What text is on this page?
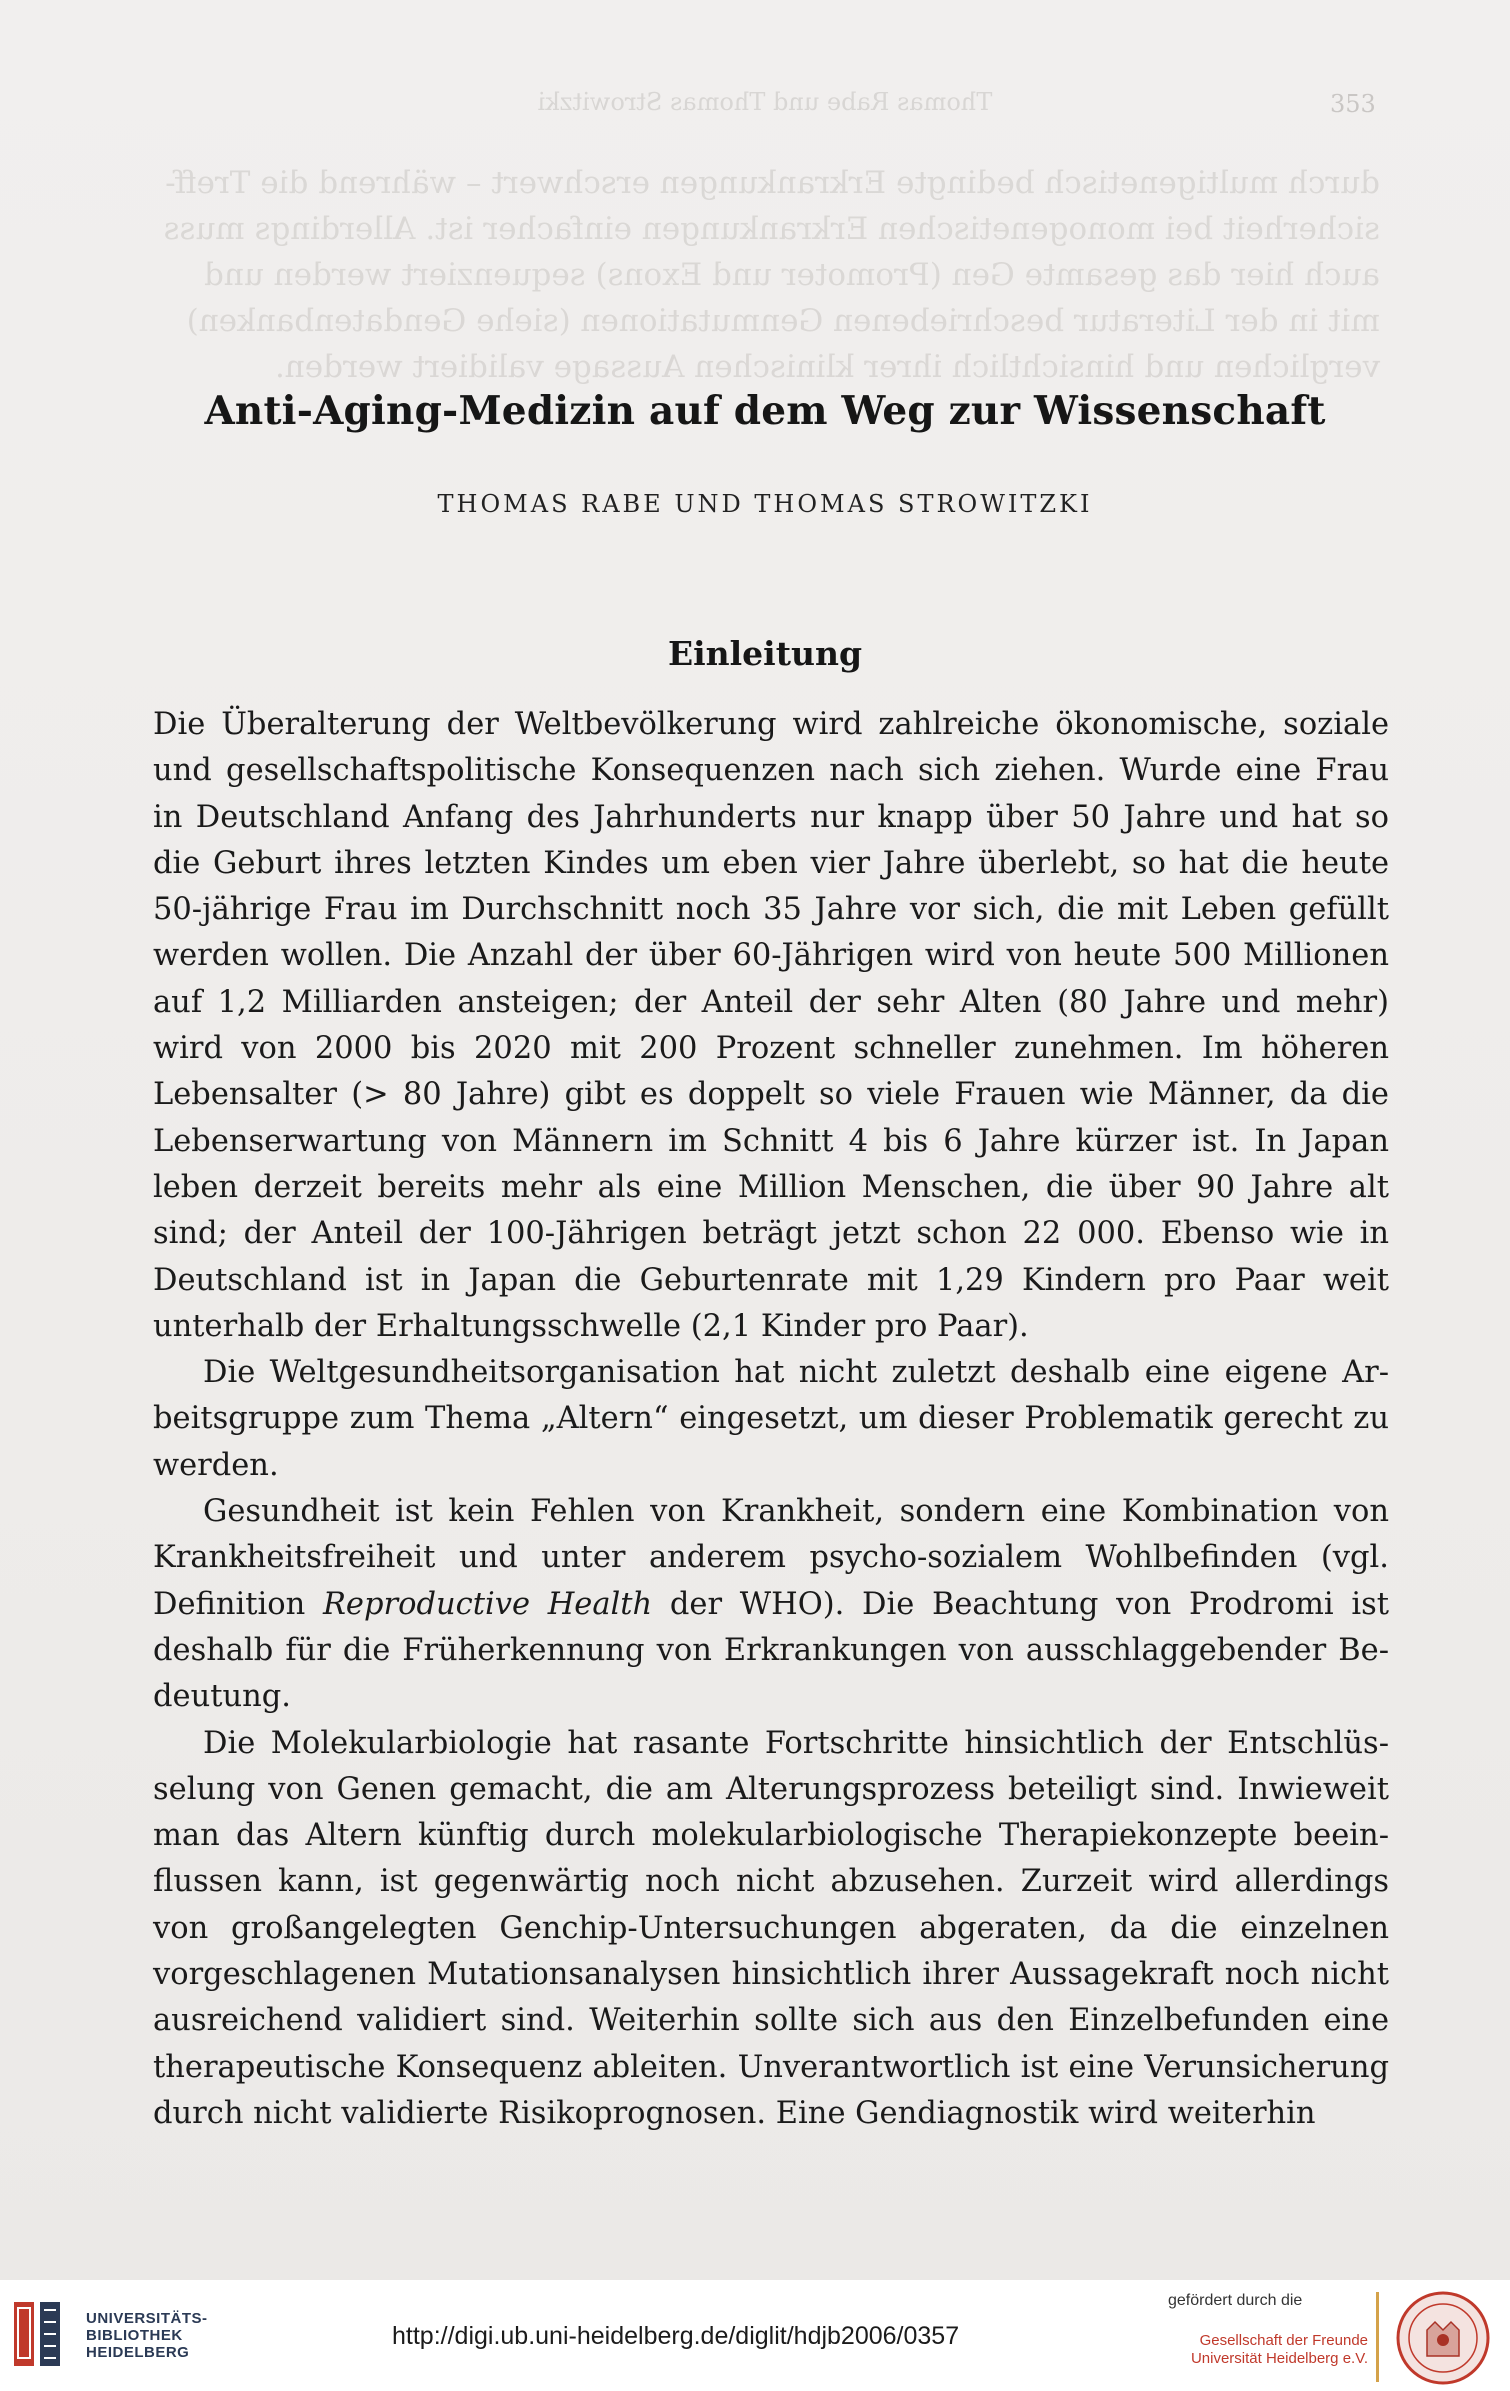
Thomas Rabe und Thomas Strowitzki	353
durch multigenetisch bedingte Erkrankungen erschwert – während die Treff-
sicherheit bei monogenetischen Erkrankungen einfacher ist. Allerdings muss
auch hier das gesamte Gen (Promoter und Exons) sequenziert werden und
mit in der Literatur beschriebenen Genmutationen (siehe Gendatenbanken)
verglichen und hinsichtlich ihrer klinischen Aussage validiert werden.
Anti-Aging-Medizin auf dem Weg zur Wissenschaft
THOMAS RABE UND THOMAS STROWITZKI
Einleitung

Die Überalterung der Weltbevölkerung wird zahlreiche ökonomische, soziale und gesellschaftspolitische Konsequenzen nach sich ziehen. Wurde eine Frau in Deutschland Anfang des Jahrhunderts nur knapp über 50 Jahre und hat so die Geburt ihres letzten Kindes um eben vier Jahre überlebt, so hat die heute 50-jährige Frau im Durchschnitt noch 35 Jahre vor sich, die mit Leben gefüllt werden wollen. Die Anzahl der über 60-Jährigen wird von heute 500 Millionen auf 1,2 Milliarden ansteigen; der Anteil der sehr Alten (80 Jahre und mehr) wird von 2000 bis 2020 mit 200 Prozent schneller zunehmen. Im höheren Lebensalter (> 80 Jahre) gibt es doppelt so viele Frauen wie Männer, da die Lebenserwartung von Männern im Schnitt 4 bis 6 Jahre kürzer ist. In Japan leben derzeit bereits mehr als eine Million Menschen, die über 90 Jahre alt sind; der Anteil der 100-Jährigen beträgt jetzt schon 22 000. Ebenso wie in Deutschland ist in Japan die Geburtenrate mit 1,29 Kindern pro Paar weit unterhalb der Erhaltungsschwelle (2,1 Kinder pro Paar).

Die Weltgesundheitsorganisation hat nicht zuletzt deshalb eine eigene Arbeitsgruppe zum Thema „Altern“ eingesetzt, um dieser Problematik gerecht zu werden.

Gesundheit ist kein Fehlen von Krankheit, sondern eine Kombination von Krankheitsfreiheit und unter anderem psycho-sozialem Wohlbefinden (vgl. Definition Reproductive Health der WHO). Die Beachtung von Prodromi ist deshalb für die Früherkennung von Erkrankungen von ausschlaggebender Bedeutung.

Die Molekularbiologie hat rasante Fortschritte hinsichtlich der Entschlüsselung von Genen gemacht, die am Alterungsprozess beteiligt sind. Inwieweit man das Altern künftig durch molekularbiologische Therapiekonzepte beeinflussen kann, ist gegenwärtig noch nicht abzusehen. Zurzeit wird allerdings von großangelegten Genchip-Untersuchungen abgeraten, da die einzelnen vorgeschlagenen Mutationsanalysen hinsichtlich ihrer Aussagekraft noch nicht ausreichend validiert sind. Weiterhin sollte sich aus den Einzelbefunden eine therapeutische Konsequenz ableiten. Unverantwortlich ist eine Verunsicherung durch nicht validierte Risikoprognosen. Eine Gendiagnostik wird weiterhin

UNIVERSITÄTS-
BIBLIOTHEK
HEIDELBERG
http://digi.ub.uni-heidelberg.de/diglit/hdjb2006/0357
gefördert durch die
Gesellschaft der Freunde
Universität Heidelberg e.V.
